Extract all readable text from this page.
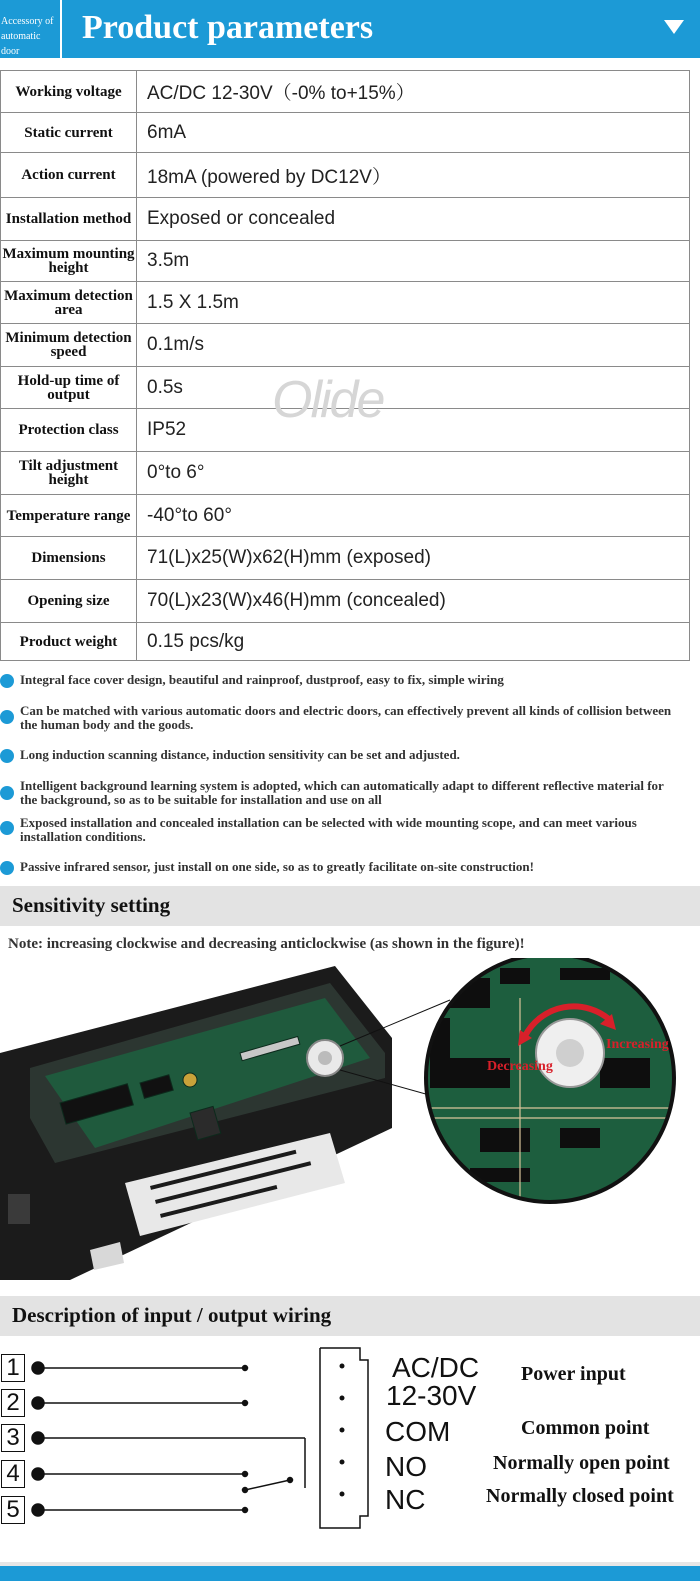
Accessory of automatic door
Product parameters
Working voltage	AC/DC 12-30V（-0% to+15%）
Static current	6mA
Action current	18mA (powered by DC12V）
Installation method	Exposed or concealed
Maximum mounting height	3.5m
Maximum detection area	1.5 X 1.5m
Minimum detection speed	0.1m/s
Hold-up time of output	0.5s
Protection class	IP52
Tilt adjustment height	0°to 6°
Temperature range	-40°to 60°
Dimensions	71(L)x25(W)x62(H)mm (exposed)
Opening size	70(L)x23(W)x46(H)mm (concealed)
Product weight	0.15 pcs/kg
Olide
Integral face cover design, beautiful and rainproof, dustproof, easy to fix, simple wiring
Can be matched with various automatic doors and electric doors, can effectively prevent all kinds of collision between the human body and the goods.
Long induction scanning distance, induction sensitivity can be set and adjusted.
Intelligent background learning system is adopted, which can automatically adapt to different reflective material for the background, so as to be suitable for installation and use on all
Exposed installation and concealed installation can be selected with wide mounting scope, and can meet various installation conditions.
Passive infrared sensor, just install on one side, so as to greatly facilitate on-site construction!
Sensitivity setting
Note: increasing clockwise and decreasing anticlockwise (as shown in the figure)!
Increasing
Decreasing
Description of input / output wiring
1
2
3
4
5
AC/DC
12-30V
COM
NO
NC
Power input
Common point
Normally open point
Normally closed point
